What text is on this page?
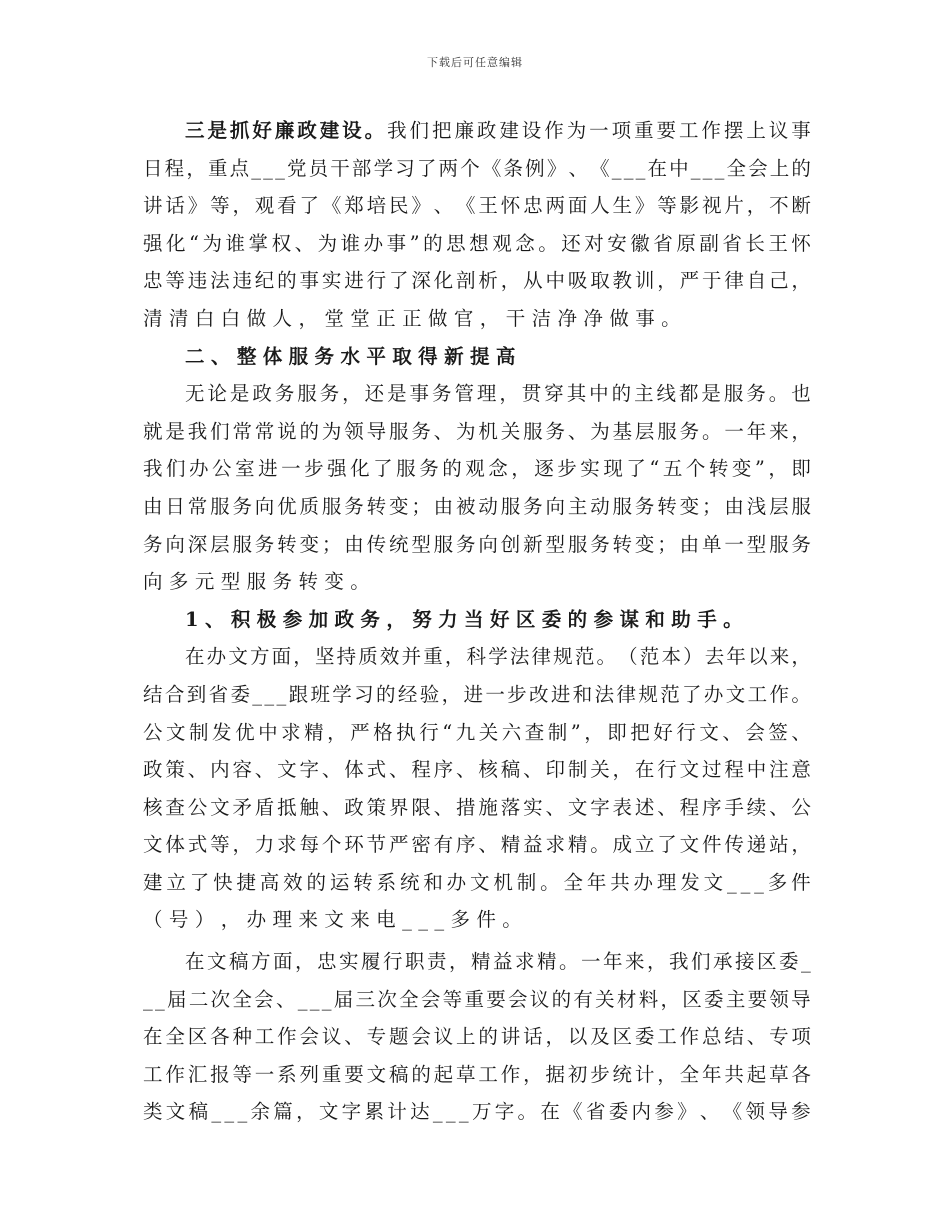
下载后可任意编辑
三 是 抓 好 廉 政 建 设 。 我 们 把 廉 政 建 设 作 为 一 项 重 要 工 作 摆 上 议 事
日 程 ， 重 点 _ _ _ 党 员 干 部 学 习 了 两 个 《 条 例 》 、 《 _ _ _ 在 中 _ _ _ 全 会 上 的
讲 话 》 等 ， 观 看 了 《 郑 培 民 》 、 《 王 怀 忠 两 面 人 生 》 等 影 视 片 ， 不 断
强 化 “ 为 谁 掌 权 、 为 谁 办 事 ” 的 思 想 观 念 。 还 对 安 徽 省 原 副 省 长 王 怀
忠 等 违 法 违 纪 的 事 实 进 行 了 深 化 剖 析 ， 从 中 吸 取 教 训 ， 严 于 律 自 己 ，
清 清 白 白 做 人 ， 堂 堂 正 正 做 官 ， 干 洁 净 净 做 事 。
二 、 整 体 服 务 水 平 取 得 新 提 高
无 论 是 政 务 服 务 ， 还 是 事 务 管 理 ， 贯 穿 其 中 的 主 线 都 是 服 务 。 也
就 是 我 们 常 常 说 的 为 领 导 服 务 、 为 机 关 服 务 、 为 基 层 服 务 。 一 年 来 ，
我 们 办 公 室 进 一 步 强 化 了 服 务 的 观 念 ， 逐 步 实 现 了 “ 五 个 转 变 ” ， 即
由 日 常 服 务 向 优 质 服 务 转 变 ； 由 被 动 服 务 向 主 动 服 务 转 变 ； 由 浅 层 服
务 向 深 层 服 务 转 变 ； 由 传 统 型 服 务 向 创 新 型 服 务 转 变 ； 由 单 一 型 服 务
向 多 元 型 服 务 转 变 。
1 、 积 极 参 加 政 务 ， 努 力 当 好 区 委 的 参 谋 和 助 手 。
在 办 文 方 面 ， 坚 持 质 效 并 重 ， 科 学 法 律 规 范 。 （ 范 本 ） 去 年 以 来 ，
结 合 到 省 委 _ _ _ 跟 班 学 习 的 经 验 ， 进 一 步 改 进 和 法 律 规 范 了 办 文 工 作 。
公 文 制 发 优 中 求 精 ， 严 格 执 行 “ 九 关 六 查 制 ” ， 即 把 好 行 文 、 会 签 、
政 策 、 内 容 、 文 字 、 体 式 、 程 序 、 核 稿 、 印 制 关 ， 在 行 文 过 程 中 注 意
核 查 公 文 矛 盾 抵 触 、 政 策 界 限 、 措 施 落 实 、 文 字 表 述 、 程 序 手 续 、 公
文 体 式 等 ， 力 求 每 个 环 节 严 密 有 序 、 精 益 求 精 。 成 立 了 文 件 传 递 站 ，
建 立 了 快 捷 高 效 的 运 转 系 统 和 办 文 机 制 。 全 年 共 办 理 发 文 _ _ _ 多 件
（ 号 ） ， 办 理 来 文 来 电 _ _ _ 多 件 。
在 文 稿 方 面 ， 忠 实 履 行 职 责 ， 精 益 求 精 。 一 年 来 ， 我 们 承 接 区 委 _
_ _ 届 二 次 全 会 、 _ _ _ 届 三 次 全 会 等 重 要 会 议 的 有 关 材 料 ， 区 委 主 要 领 导
在 全 区 各 种 工 作 会 议 、 专 题 会 议 上 的 讲 话 ， 以 及 区 委 工 作 总 结 、 专 项
工 作 汇 报 等 一 系 列 重 要 文 稿 的 起 草 工 作 ， 据 初 步 统 计 ， 全 年 共 起 草 各
类 文 稿 _ _ _ 余 篇 ， 文 字 累 计 达 _ _ _ 万 字 。 在 《 省 委 内 参 》 、 《 领 导 参
